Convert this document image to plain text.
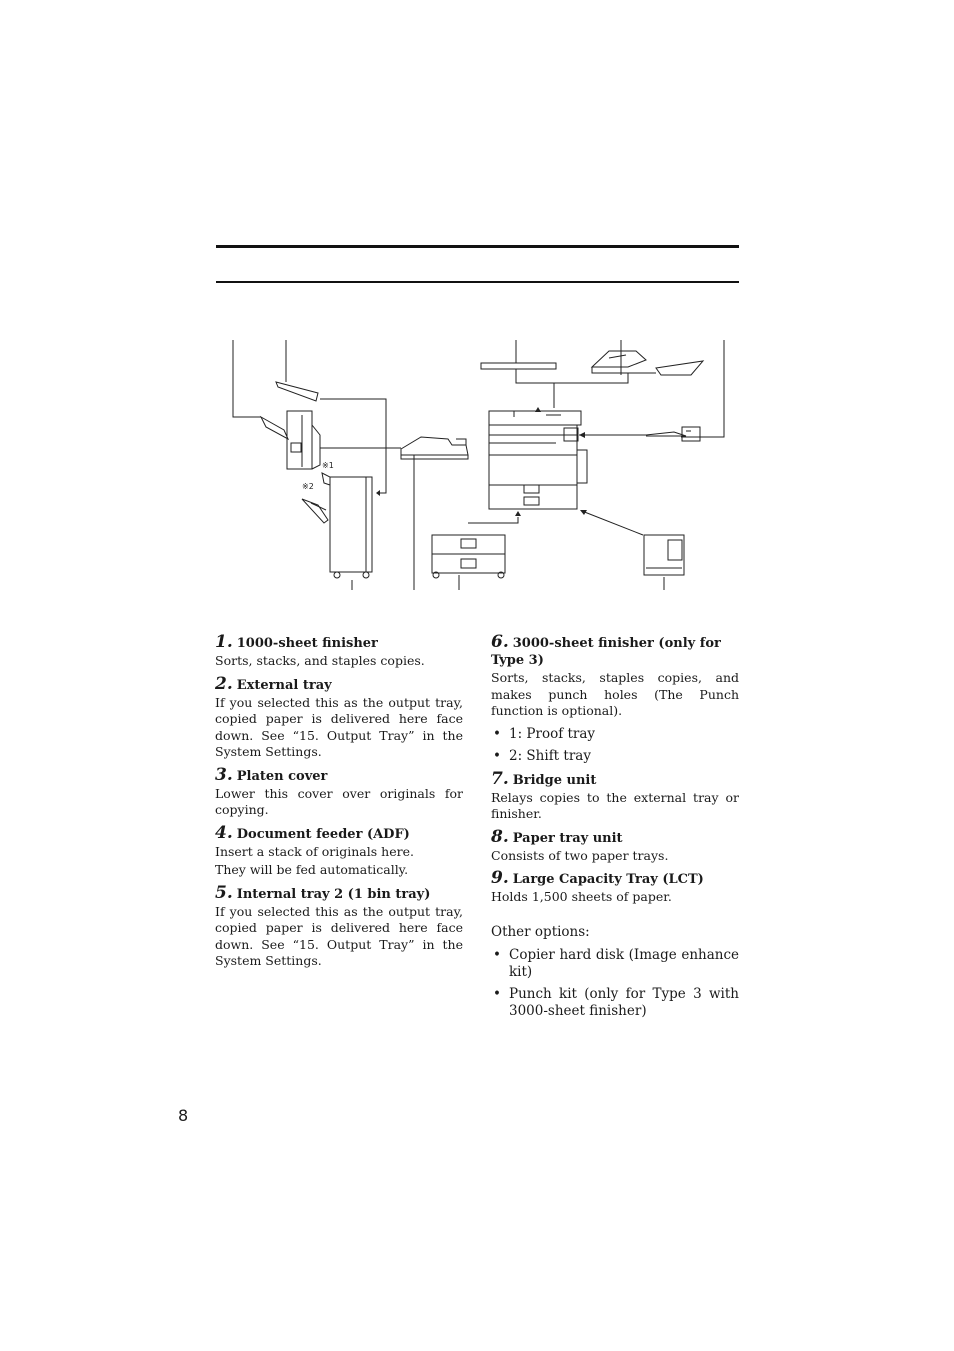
※1
※2
1. 1000-sheet finisher

Sorts, stacks, and staples copies.

2. External tray

If you selected this as the output tray, copied paper is delivered here face down. See “15. Output Tray” in the System Settings.

3. Platen cover

Lower this cover over originals for copying.

4. Document feeder (ADF)

Insert a stack of originals here.

They will be fed automatically.

5. Internal tray 2 (1 bin tray)

If you selected this as the output tray, copied paper is delivered here face down. See “15. Output Tray” in the System Settings.

6. 3000-sheet finisher (only for Type 3)

Sorts, stacks, staples copies, and makes punch holes (The Punch function is optional).

• 1: Proof tray
• 2: Shift tray
7. Bridge unit

Relays copies to the external tray or finisher.

8. Paper tray unit

Consists of two paper trays.

9. Large Capacity Tray (LCT)

Holds 1,500 sheets of paper.

Other options:
• Copier hard disk (Image enhance kit)
• Punch kit (only for Type 3 with 3000-sheet finisher)
8
